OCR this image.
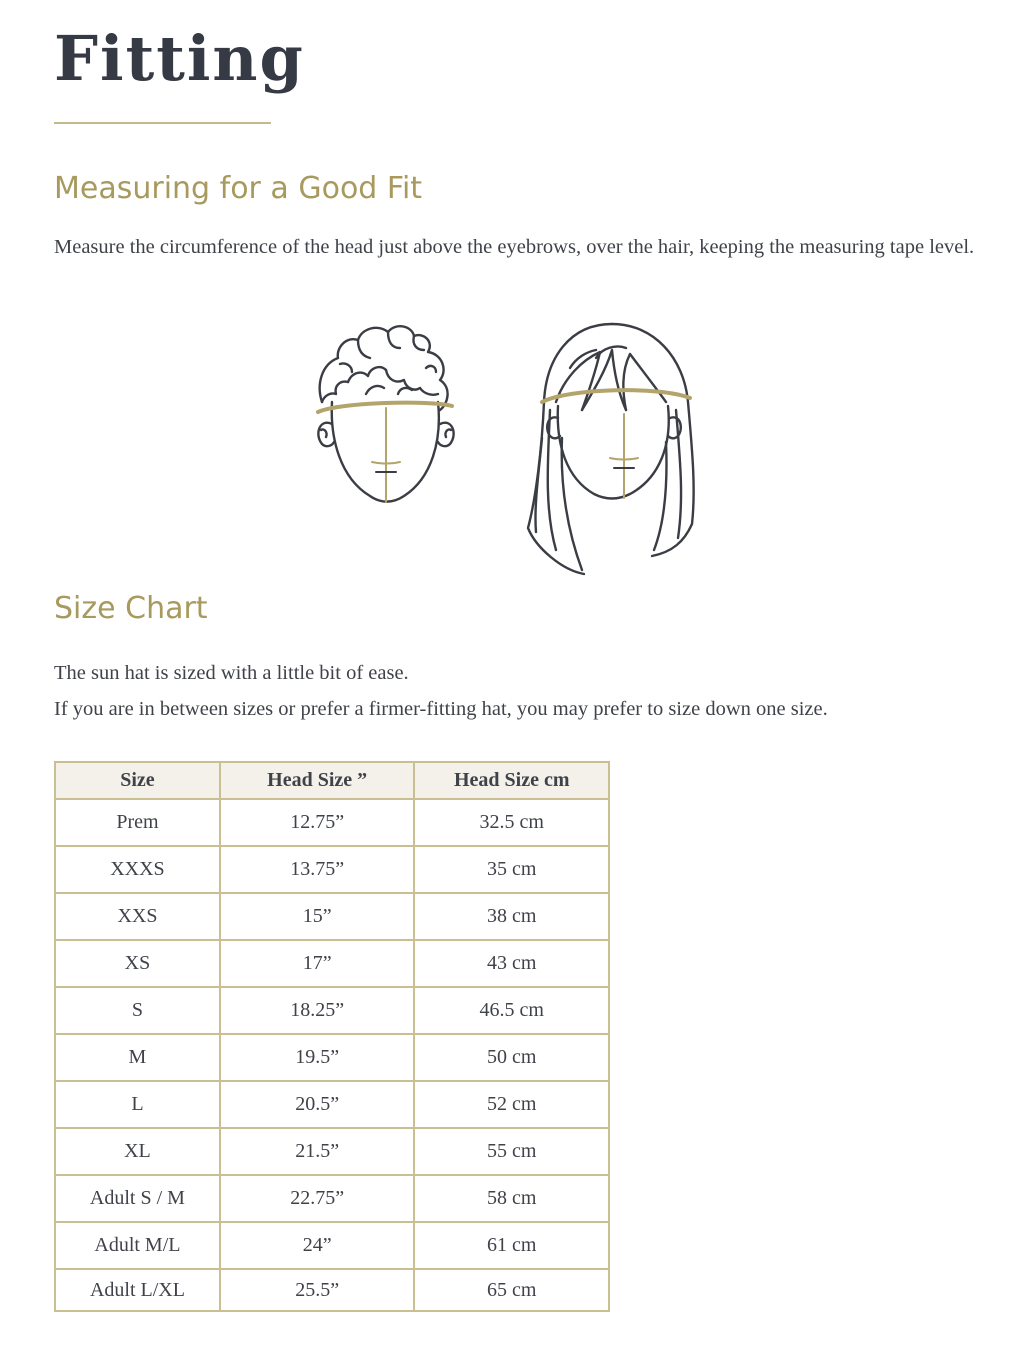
Fitting
Measuring for a Good Fit

Measure the circumference of the head just above the eyebrows, over the hair, keeping the measuring tape level.

Size Chart

The sun hat is sized with a little bit of ease.

If you are in between sizes or prefer a firmer-fitting hat, you may prefer to size down one size.

Size	Head Size ”	Head Size cm
Prem	12.75”	32.5 cm
XXXS	13.75”	35 cm
XXS	15”	38 cm
XS	17”	43 cm
S	18.25”	46.5 cm
M	19.5”	50 cm
L	20.5”	52 cm
XL	21.5”	55 cm
Adult S / M	22.75”	58 cm
Adult M/L	24”	61 cm
Adult L/XL	25.5”	65 cm
